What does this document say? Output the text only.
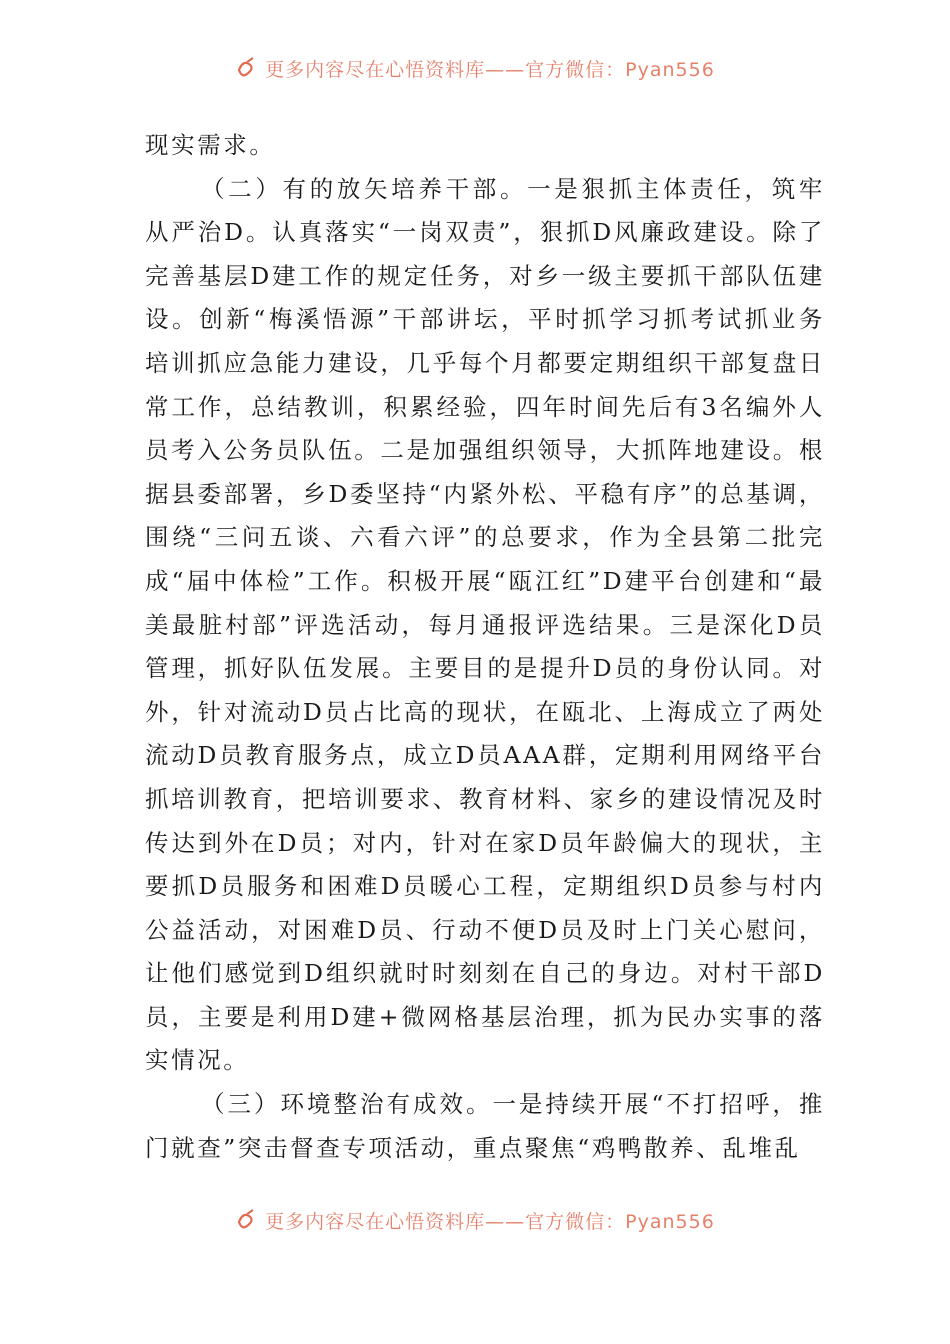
更多内容尽在心悟资料库——官方微信：Pyan556

现实需求。

（二）有的放矢培养干部。一是狠抓主体责任，筑牢从严治D。认真落实“一岗双责”，狠抓D风廉政建设。除了完善基层D建工作的规定任务，对乡一级主要抓干部队伍建设。创新“梅溪悟源”干部讲坛，平时抓学习抓考试抓业务培训抓应急能力建设，几乎每个月都要定期组织干部复盘日常工作，总结教训，积累经验，四年时间先后有3名编外人员考入公务员队伍。二是加强组织领导，大抓阵地建设。根据县委部署，乡D委坚持“内紧外松、平稳有序”的总基调，围绕“三问五谈、六看六评”的总要求，作为全县第二批完成“届中体检”工作。积极开展“瓯江红”D建平台创建和“最美最脏村部”评选活动，每月通报评选结果。三是深化D员管理，抓好队伍发展。主要目的是提升D员的身份认同。对外，针对流动D员占比高的现状，在瓯北、上海成立了两处流动D员教育服务点，成立D员AAA群，定期利用网络平台抓培训教育，把培训要求、教育材料、家乡的建设情况及时传达到外在D员；对内，针对在家D员年龄偏大的现状，主要抓D员服务和困难D员暖心工程，定期组织D员参与村内公益活动，对困难D员、行动不便D员及时上门关心慰问，让他们感觉到D组织就时时刻刻在自己的身边。对村干部D员，主要是利用D建+微网格基层治理，抓为民办实事的落实情况。

（三）环境整治有成效。一是持续开展“不打招呼，推门就查”突击督查专项活动，重点聚焦“鸡鸭散养、乱堆乱

更多内容尽在心悟资料库——官方微信：Pyan556
